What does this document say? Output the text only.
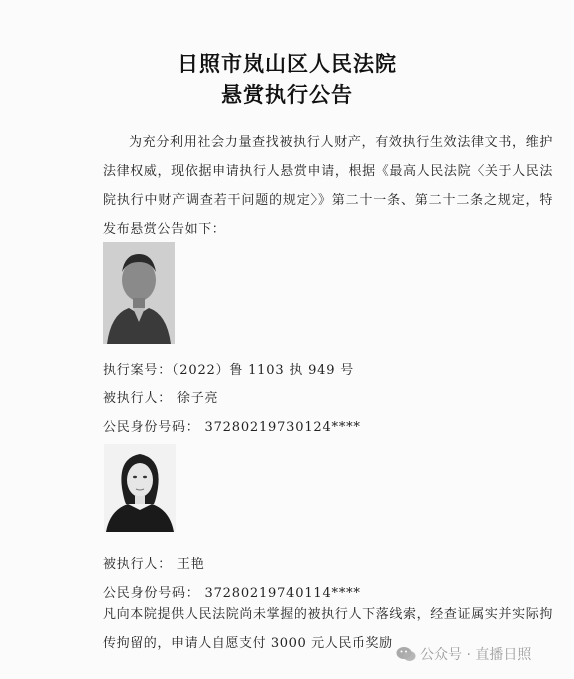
日照市岚山区人民法院
悬赏执行公告
为充分利用社会力量查找被执行人财产，有效执行生效法律文书，维护法律权威，现依据申请执行人悬赏申请，根据《最高人民法院〈关于人民法院执行中财产调查若干问题的规定〉》第二十一条、第二十二条之规定，特发布悬赏公告如下：
执行案号：（2022）鲁 1103 执 949 号
被执行人： 徐子亮
公民身份号码： 37280219730124****
被执行人： 王艳
公民身份号码： 37280219740114****
凡向本院提供人民法院尚未掌握的被执行人下落线索，经查证属实并实际拘传拘留的，申请人自愿支付 3000 元人民币奖励
公众号 · 直播日照
